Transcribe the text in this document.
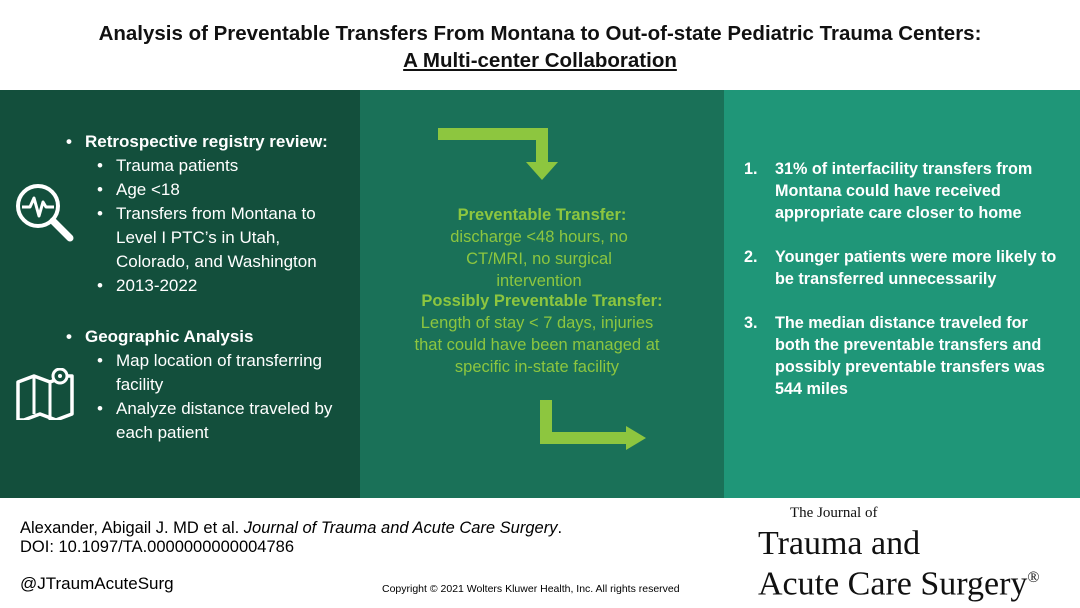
Analysis of Preventable Transfers From Montana to Out-of-state Pediatric Trauma Centers:
A Multi-center Collaboration
• Retrospective registry review:
• Trauma patients
• Age <18
• Transfers from Montana to Level I PTC’s in Utah, Colorado, and Washington
• 2013-2022
• Geographic Analysis
• Map location of transferring facility
• Analyze distance traveled by each patient
Preventable Transfer:
discharge <48 hours, no CT/MRI, no surgical intervention
Possibly Preventable Transfer:
Length of stay < 7 days, injuries that could have been managed at specific in-state facility
1. 31% of interfacility transfers from Montana could have received appropriate care closer to home
2. Younger patients were more likely to be transferred unnecessarily
3. The median distance traveled for both the preventable transfers and possibly preventable transfers was 544 miles
Alexander, Abigail J. MD et al. Journal of Trauma and Acute Care Surgery.
DOI: 10.1097/TA.0000000000004786
@JTraumAcuteSurg	Copyright © 2021 Wolters Kluwer Health, Inc. All rights reserved
The Journal of
Trauma and
Acute Care Surgery®
